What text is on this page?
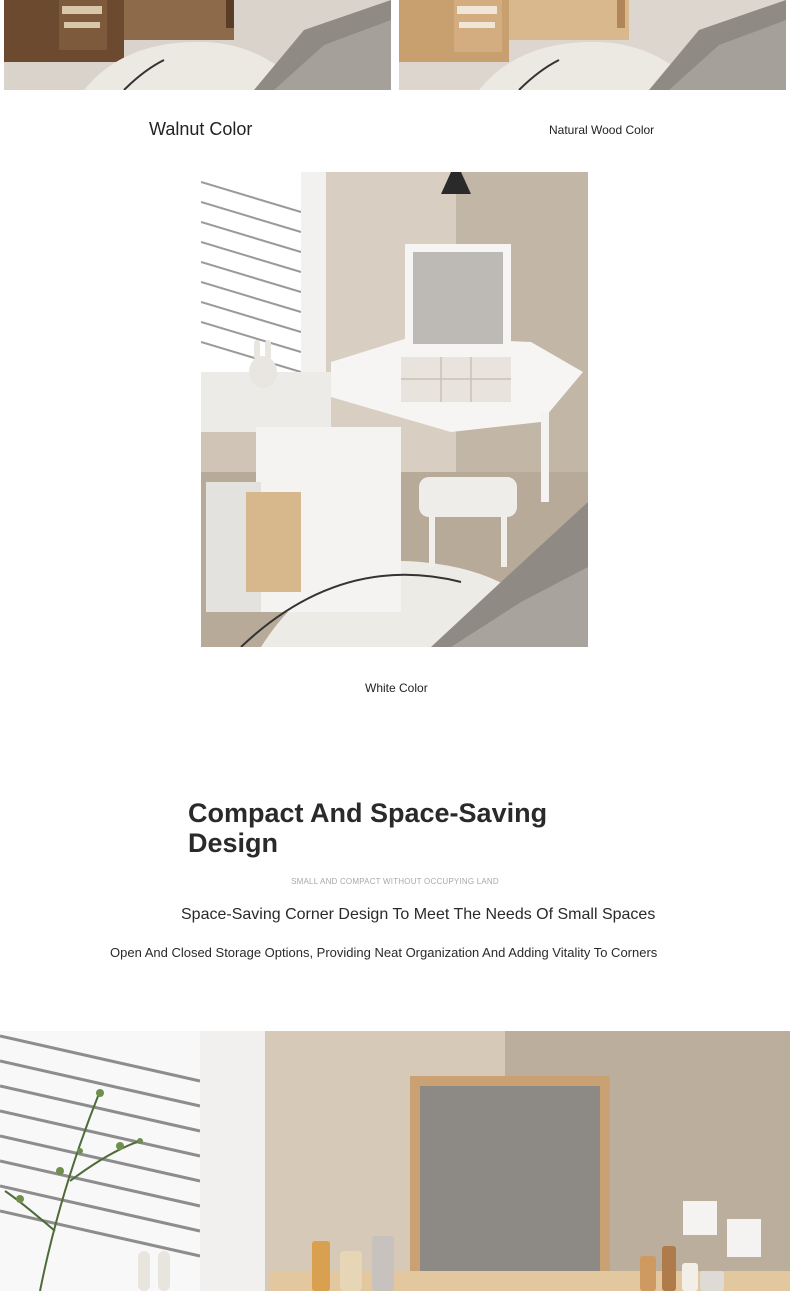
Walnut Color	Natural Wood Color
White Color
Compact And Space-Saving
Design
SMALL AND COMPACT WITHOUT OCCUPYING LAND
Space-Saving Corner Design To Meet The Needs Of Small Spaces
Open And Closed Storage Options, Providing Neat Organization And Adding Vitality To Corners
